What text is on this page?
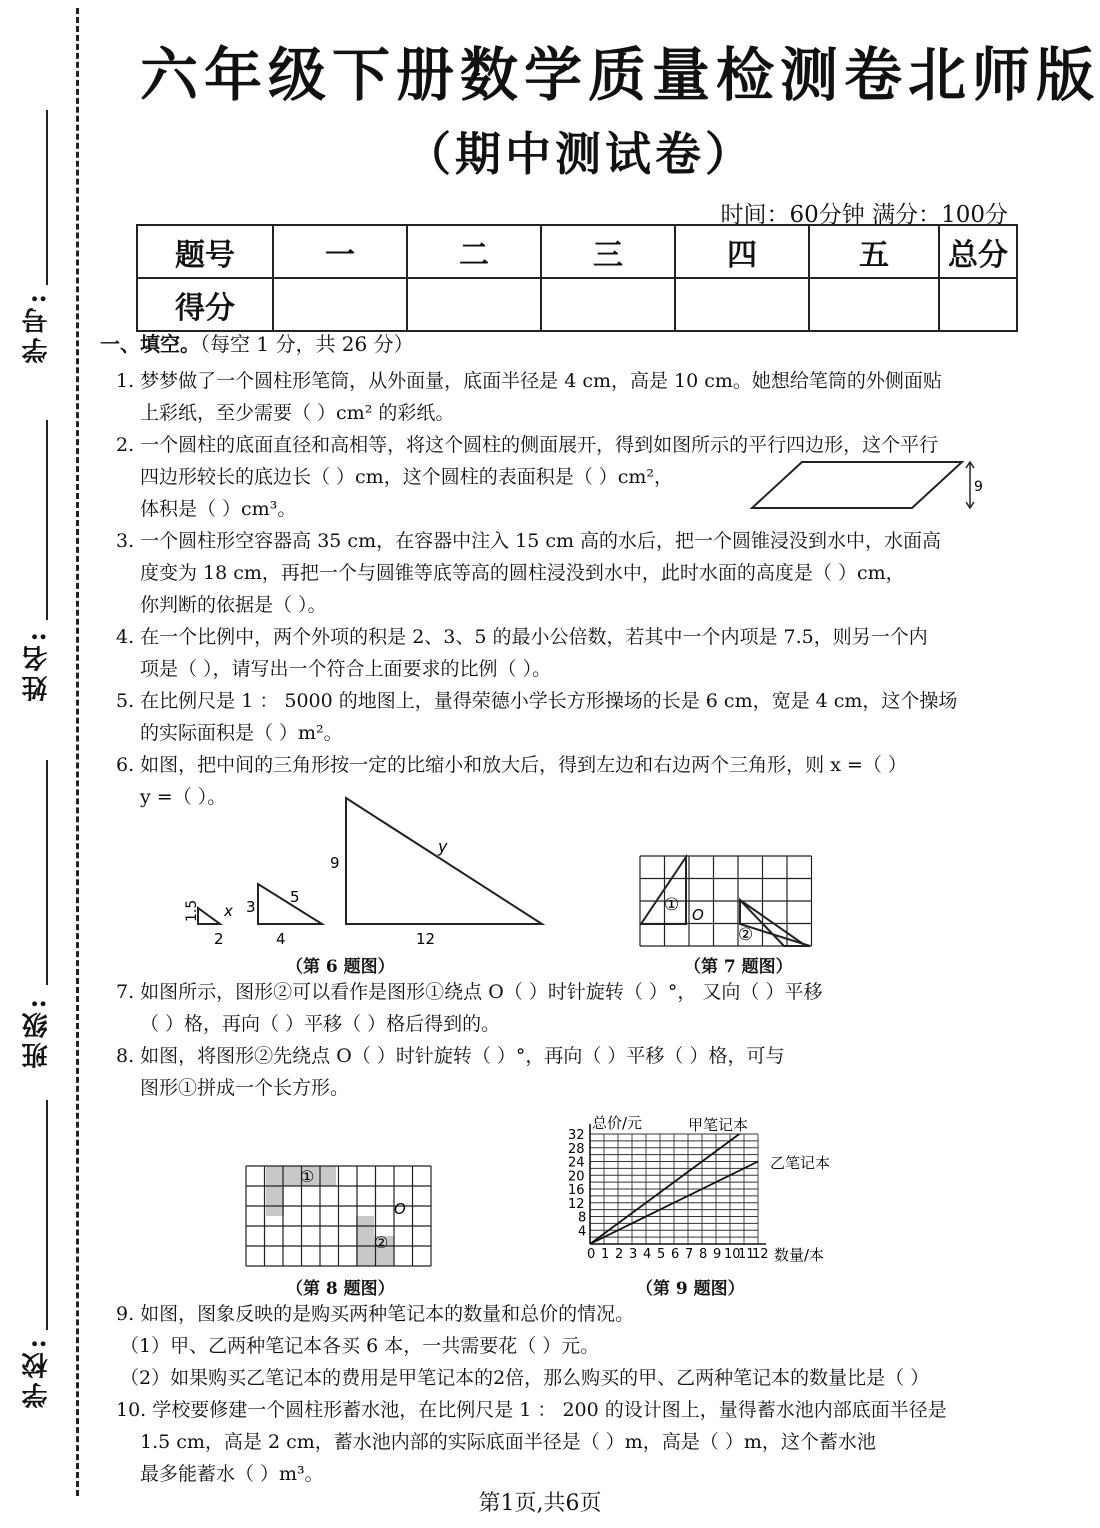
学号:
姓名:
班级:
学校:
六年级下册数学质量检测卷北师版
（期中测试卷）
时间：60分钟 满分：100分
题号	一	二	三	四	五	总分
得分						
一、填空。（每空 1 分，共 26 分）
1. 梦梦做了一个圆柱形笔筒，从外面量，底面半径是 4 cm，高是 10 cm。她想给笔筒的外侧面贴
上彩纸，至少需要（ ）cm² 的彩纸。
2. 一个圆柱的底面直径和高相等，将这个圆柱的侧面展开，得到如图所示的平行四边形，这个平行
四边形较长的底边长（ ）cm，这个圆柱的表面积是（ ）cm²，
体积是（ ）cm³。
3. 一个圆柱形空容器高 35 cm，在容器中注入 15 cm 高的水后，把一个圆锥浸没到水中，水面高
度变为 18 cm，再把一个与圆锥等底等高的圆柱浸没到水中，此时水面的高度是（ ）cm，
你判断的依据是（ ）。
4. 在一个比例中，两个外项的积是 2、3、5 的最小公倍数，若其中一个内项是 7.5，则另一个内
项是（ ），请写出一个符合上面要求的比例（ ）。
5. 在比例尺是 1 ： 5000 的地图上，量得荣德小学长方形操场的长是 6 cm，宽是 4 cm，这个操场
的实际面积是（ ）m²。
6. 如图，把中间的三角形按一定的比缩小和放大后，得到左边和右边两个三角形，则 x =（ ）
y =（ ）。
9
1.5
2
x 3
4
5
9
12
y
（第 6 题图）
① O
②
（第 7 题图）
7. 如图所示，图形②可以看作是图形①绕点 O（ ）时针旋转（ ）°， 又向（ ）平移
（ ）格，再向（ ）平移（ ）格后得到的。
8. 如图，将图形②先绕点 O（ ）时针旋转（ ）°，再向（ ）平移（ ）格，可与
图形①拼成一个长方形。
①
O
②
（第 8 题图）
总价/元
数量/本
甲笔记本
乙笔记本
0 1 2 3 4 5 6 7 8 9 10
11
12
4
8
12
16
20
24
28
32
（第 9 题图）
9. 如图，图象反映的是购买两种笔记本的数量和总价的情况。
（1）甲、乙两种笔记本各买 6 本，一共需要花（ ）元。
（2）如果购买乙笔记本的费用是甲笔记本的2倍，那么购买的甲、乙两种笔记本的数量比是（ ）
10. 学校要修建一个圆柱形蓄水池，在比例尺是 1 ： 200 的设计图上，量得蓄水池内部底面半径是
1.5 cm，高是 2 cm，蓄水池内部的实际底面半径是（ ）m，高是（ ）m，这个蓄水池
最多能蓄水（ ）m³。
第1页,共6页
